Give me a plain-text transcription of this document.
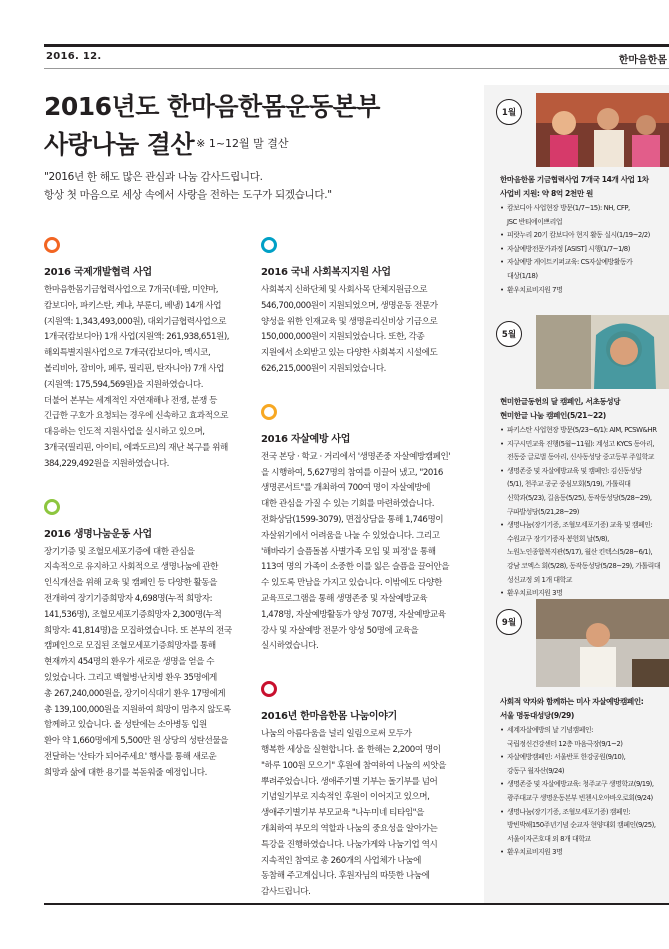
2016. 12.	한마음한몸
2016년도 한마음한몸운동본부
사랑나눔 결산 $^{※ 1\sim 12월 말 결산}$
"2016년 한 해도 많은 관심과 나눔 감사드립니다.
항상 첫 마음으로 세상 속에서 사랑을 전하는 도구가 되겠습니다."
2016 국제개발협력 사업
한마음한몸기금협력사업으로 7개국(네팔, 미얀마,
캄보디아, 파키스탄, 케냐, 부룬디, 베냉) 14개 사업
(지원액: 1,343,493,000원), 대외기금협력사업으로
1개국(캄보디아) 1개 사업(지원액: 261,938,651원),
해외특별지원사업으로 7개국(캄보디아, 멕시코,
볼리비아, 잠비아, 페루, 필리핀, 탄자니아) 7개 사업
(지원액: 175,594,569원)을 지원하였습니다.
더불어 본부는 세계적인 자연재해나 전쟁, 분쟁 등
긴급한 구호가 요청되는 경우에 신속하고 효과적으로
대응하는 인도적 지원사업을 실시하고 있으며,
3개국(필리핀, 아이티, 에콰도르)의 재난 복구를 위해
384,229,492원을 지원하였습니다.
2016 생명나눔운동 사업
장기기증 및 조혈모세포기증에 대한 관심을
지속적으로 유지하고 사회적으로 생명나눔에 관한
인식개선을 위해 교육 및 캠페인 등 다양한 활동을
전개하여 장기기증희망자 4,698명(누적 희망자:
141,536명), 조혈모세포기증희망자 2,300명(누적
희망자: 41,814명)을 모집하였습니다. 또 본부의 전국
캠페인으로 모집된 조혈모세포기증희망자를 통해
현재까지 454명의 환우가 새로운 생명을 얻을 수
있었습니다. 그리고 백혈병·난치병 환우 35명에게
총 267,240,000원을, 장기이식대기 환우 17명에게
총 139,100,000원을 지원하여 희망이 멈추지 않도록
함께하고 있습니다. 올 성탄에는 소아병동 입원
환아 약 1,660명에게 5,500만 원 상당의 성탄선물을
전달하는 '산타가 되어주세요' 행사를 통해 새로운
희망과 삶에 대한 용기를 북돋워줄 예정입니다.
2016 국내 사회복지지원 사업
사회복지 신하단체 및 사회사목 단체지원금으로
546,700,000원이 지원되었으며, 생명운동 전문가
양성을 위한 인재교육 및 생명윤리신비상 기금으로
150,000,000원이 지원되었습니다. 또한, 각종
지원에서 소외받고 있는 다양한 사회복지 시설에도
626,215,000원이 지원되었습니다.
2016 자살예방 사업
전국 본당 · 학교 · 거리에서 '생명존중 자살예방캠페인'
을 시행하여, 5,627명의 참여를 이끌어 냈고, "2016
생명콘서트"를 개최하여 700여 명이 자살예방에
대한 관심을 가질 수 있는 기회를 마련하였습니다.
전화상담(1599-3079), 면접상담을 통해 1,746명이
자살위기에서 어려움을 나눌 수 있었습니다. 그리고
'해바라기 슬픔돌봄 사별가족 모임 및 피정'을 통해
113여 명의 가족이 소중한 이를 잃은 슬픔을 끌어안을
수 있도록 만남을 가지고 있습니다. 이밖에도 다양한
교육프로그램을 통해 생명존중 및 자살예방교육
1,478명, 자살예방활동가 양성 707명, 자살예방교육
강사 및 자살예방 전문가 양성 50명에 교육을
실시하였습니다.
2016년 한마음한몸 나눔이야기
나눔의 아름다움을 널리 일림으로써 모두가
행복한 세상을 실현합니다. 올 한해는 2,200여 명이
"하루 100원 모으기" 후원에 참여하여 나눔의 씨앗을
뿌려주었습니다. 생애주기별 기부는 돌기부를 넘어
기념일기부로 지속적인 후원이 이어지고 있으며,
생애주기별기부 부모교육 "나누미네 티타임"을
개최하여 부모의 역할과 나눔의 중요성을 알아가는
특강을 진행하였습니다. 나눔가게와 나눔기업 역시
지속적인 참여로 총 260개의 사업체가 나눔에
동참해 주고계십니다. 후원자님의 따뜻한 나눔에
감사드립니다.
1월
한마음한몸 기금협력사업 7개국 14개 사업 1차
사업비 지원: 약 8억 2천만 원
• 캄보디아 사업현장 방문(1/7~15): NH, CFP,
JSC 반티에이쁘리업
• 피랏누리 20기 캄보디아 현지 활동 실시(1/19~2/2)
• 자살예방전문가과정 [ASIST] 시행(1/7~1/8)
• 자살예방 게이트키퍼교육: CS자살예방활동가
대상(1/18)
• 환우치료비지원 7명
5월
현미한글동헌의 달 캠페인, 서초동성당
현미한글 나눔 캠페인(5/21~22)
• 파키스탄 사업현장 방문(5/23~6/1): AIM, PCSW&HR
• 지구시민교육 진행(5월~11월): 계성고 KYCS 동아리,
전동중 글로벌 동아리, 신사동성당 중고등부 주일학교
• 생명존중 및 자살예방교육 및 캠페인: 김신동성당
(5/1), 천주교 공군 중심모회(5/19), 가톨릭대
신학과(5/23), 길음동(5/25), 동작동성당(5/28~29),
구파발성당(5/21,28~29)
• 생명나눔(장기기증, 조혈모세포기증) 교육 및 캠페인:
수원교구 장기기증자 봉헌회 날(5/8),
노원노인종합복지관(5/17), 월산 킨텍스(5/28~6/1),
강남 코엑스 회(5/28), 동작동성당(5/28~29), 가톨릭대
성신교정 외 1개 대학교
• 환우치료비지원 3명
9월
사회적 약자와 함께하는 미사 자살예방캠페인:
서울 명동대성당(9/29)
• 세계자살예방의 날 기념캠페인:
국립정신건강센터 12층 마음극장(9/1~2)
• 자살예방캠페인: 서울반포 한강공원(9/10),
강동구 월자산(9/24)
• 생명존중 및 자살예방교육: 청주교구 생명학교(9/19),
광주대교구 생명운동본부 빈첸시오아바오로회(9/24)
• 생명나눔(장기기증, 조혈모세포기증) 캠페인:
방빈박해150주년기념 순교자 현양대회 캠페인(9/25),
서울이자곤호대 외 8개 대학교
• 환우치료비지원 3명
